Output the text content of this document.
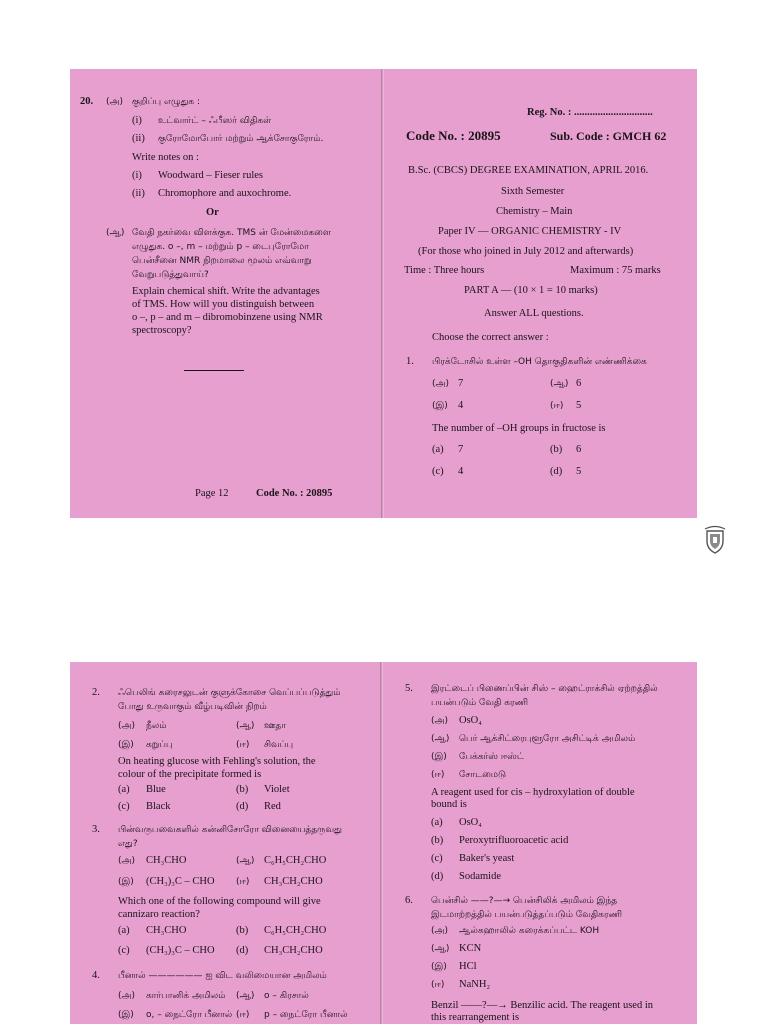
20. (அ) குறிப்பு எழுதுக :
(i) உட்வார்ட் – ஃபீஸர் விதிகள்
(ii) குரோமோபோர் மற்றும் ஆக்சோகுரோம்.
Write notes on :
(i) Woodward – Fieser rules
(ii) Chromophore and auxochrome.
Or
(ஆ) வேதி நகர்வை விளக்குக. TMS ன் மேன்மைகளை
எழுதுக. o –, m – மற்றும் p – டைபுரோமோ
பென்சீனை NMR நிறமாலை மூலம் எவ்வாறு
வேறுபடுத்துவாய்?
Explain chemical shift. Write the advantages
of TMS. How will you distinguish between
o –, p – and m – dibromobinzene using NMR
spectroscopy?
Page 12	Code No. : 20895
Reg. No. : ..............................
Code No. : 20895	Sub. Code : GMCH 62
B.Sc. (CBCS) DEGREE EXAMINATION, APRIL 2016.
Sixth Semester
Chemistry – Main
Paper IV — ORGANIC CHEMISTRY - IV
(For those who joined in July 2012 and afterwards)
Time : Three hours	Maximum : 75 marks
PART A — (10 × 1 = 10 marks)
Answer ALL questions.
Choose the correct answer :
1. பிரக்டோசில் உள்ள –OH தொகுதிகளின் எண்ணிக்கை
(அ) 7	(ஆ) 6
(இ) 4	(ஈ) 5
The number of –OH groups in fructose is
(a) 7	(b) 6
(c) 4	(d) 5
2. ஃபெலிங் கரைசலுடன் குளுக்கோசை வெப்பப்படுத்தும்
போது உருவாகும் வீழ்படிவின் நிறம்
(அ) நீலம்	(ஆ) ஊதா
(இ) கறுப்பு	(ஈ) சிவப்பு
On heating glucose with Fehling's solution, the
colour of the precipitate formed is
(a) Blue	(b) Violet
(c) Black	(d) Red
3. பின்வருபவைகளில் கன்னிசோரோ வினையைத்தருவது
எது?
(அ) CH₃CHO	(ஆ) C₆H₅CH₂CHO
(இ) (CH₃)₃C – CHO (ஈ) CH₃CH₂CHO
Which one of the following compound will give
cannizaro reaction?
(a) CH₃CHO	(b) C₆H₅CH₂CHO
(c) (CH₃)₃C – CHO (d) CH₃CH₂CHO
4. பீனால் —————— ஐ விட வலிமையான அமிலம்
(அ) கார்பானிக் அமிலம் (ஆ) o – கிரசால்
(இ) o, – நைட்ரோ பீனால் (ஈ) p – நைட்ரோ பீனால்
5. இரட்டைப் பிணைப்பின் சிஸ் – ஹைட்ராக்சில் ஏற்றத்தில்
பயன்படும் வேதி கரணி
(அ) OsO₄
(ஆ) பெர் ஆக்சிட்ரைபுளூரோ அசிட்டிக் அமிலம்
(இ) பேக்கர்ஸ் ஈஸ்ட்
(ஈ) சோடமைடு
A reagent used for cis – hydroxylation of double
bound is
(a) OsO₄
(b) Peroxytrifluoroacetic acid
(c) Baker's yeast
(d) Sodamide
6. பென்சில் ——?—→ பென்சிலிக் அமிலம் இந்த
இடமாற்றத்தில் பயன்படுத்தப்படும் வேதிகரணி
(அ) ஆல்கஹாலில் கரைக்கப்பட்ட KOH
(ஆ) KCN
(இ) HCl
(ஈ) NaNH₂
Benzil ——?—→ Benzilic acid. The reagent used in
this rearrangement is
